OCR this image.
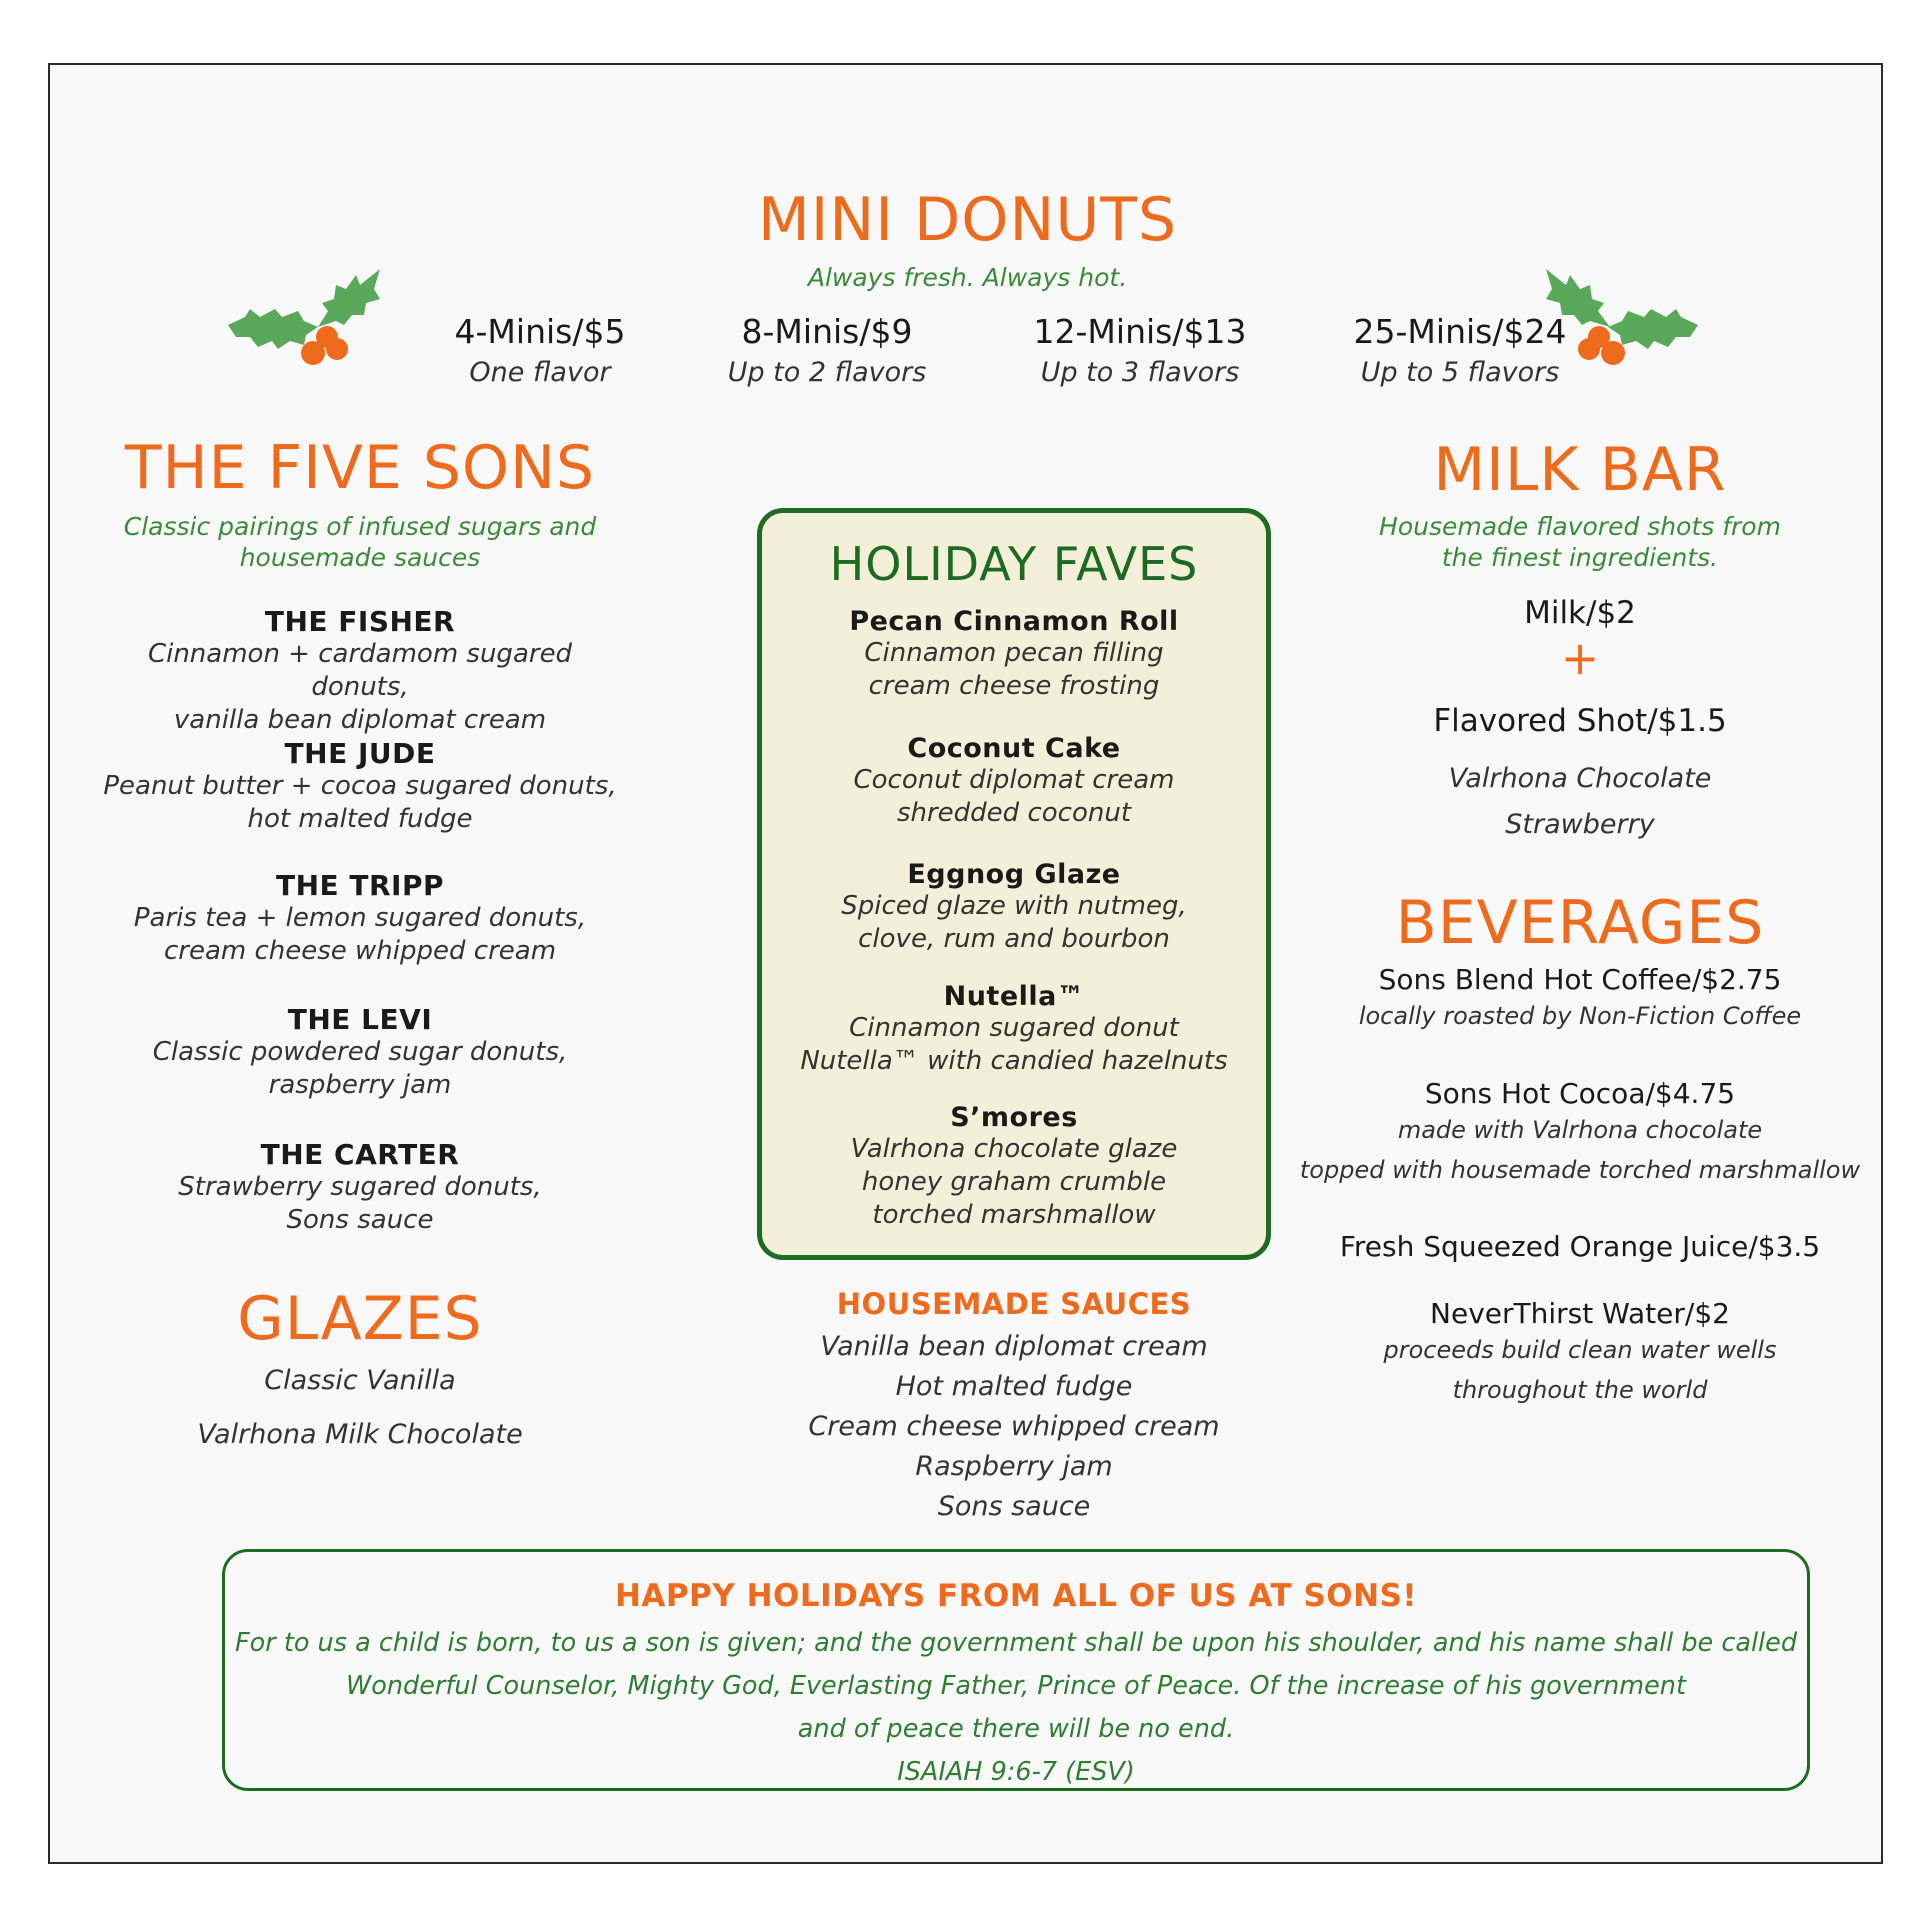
MINI DONUTS
Always fresh. Always hot.
4-Minis/$5
One flavor
8-Minis/$9
Up to 2 flavors
12-Minis/$13
Up to 3 flavors
25-Minis/$24
Up to 5 flavors
THE FIVE SONS
Classic pairings of infused sugars and
housemade sauces
THE FISHER
Cinnamon + cardamom sugared donuts,
vanilla bean diplomat cream
THE JUDE
Peanut butter + cocoa sugared donuts,
hot malted fudge
THE TRIPP
Paris tea + lemon sugared donuts,
cream cheese whipped cream
THE LEVI
Classic powdered sugar donuts,
raspberry jam
THE CARTER
Strawberry sugared donuts,
Sons sauce
GLAZES
Classic Vanilla
Valrhona Milk Chocolate
HOLIDAY FAVES
Pecan Cinnamon Roll
Cinnamon pecan filling
cream cheese frosting
Coconut Cake
Coconut diplomat cream
shredded coconut
Eggnog Glaze
Spiced glaze with nutmeg,
clove, rum and bourbon
Nutella™
Cinnamon sugared donut
Nutella™ with candied hazelnuts
S’mores
Valrhona chocolate glaze
honey graham crumble
torched marshmallow
HOUSEMADE SAUCES
Vanilla bean diplomat cream
Hot malted fudge
Cream cheese whipped cream
Raspberry jam
Sons sauce
MILK BAR
Housemade flavored shots from
the finest ingredients.
Milk/$2
+
Flavored Shot/$1.5
Valrhona Chocolate
Strawberry
BEVERAGES
Sons Blend Hot Coffee/$2.75
locally roasted by Non-Fiction Coffee
Sons Hot Cocoa/$4.75
made with Valrhona chocolate
topped with housemade torched marshmallow
Fresh Squeezed Orange Juice/$3.5
NeverThirst Water/$2
proceeds build clean water wells
throughout the world
HAPPY HOLIDAYS FROM ALL OF US AT SONS!
For to us a child is born, to us a son is given; and the government shall be upon his shoulder, and his name shall be called
Wonderful Counselor, Mighty God, Everlasting Father, Prince of Peace. Of the increase of his government
and of peace there will be no end.
ISAIAH 9:6-7 (ESV)
